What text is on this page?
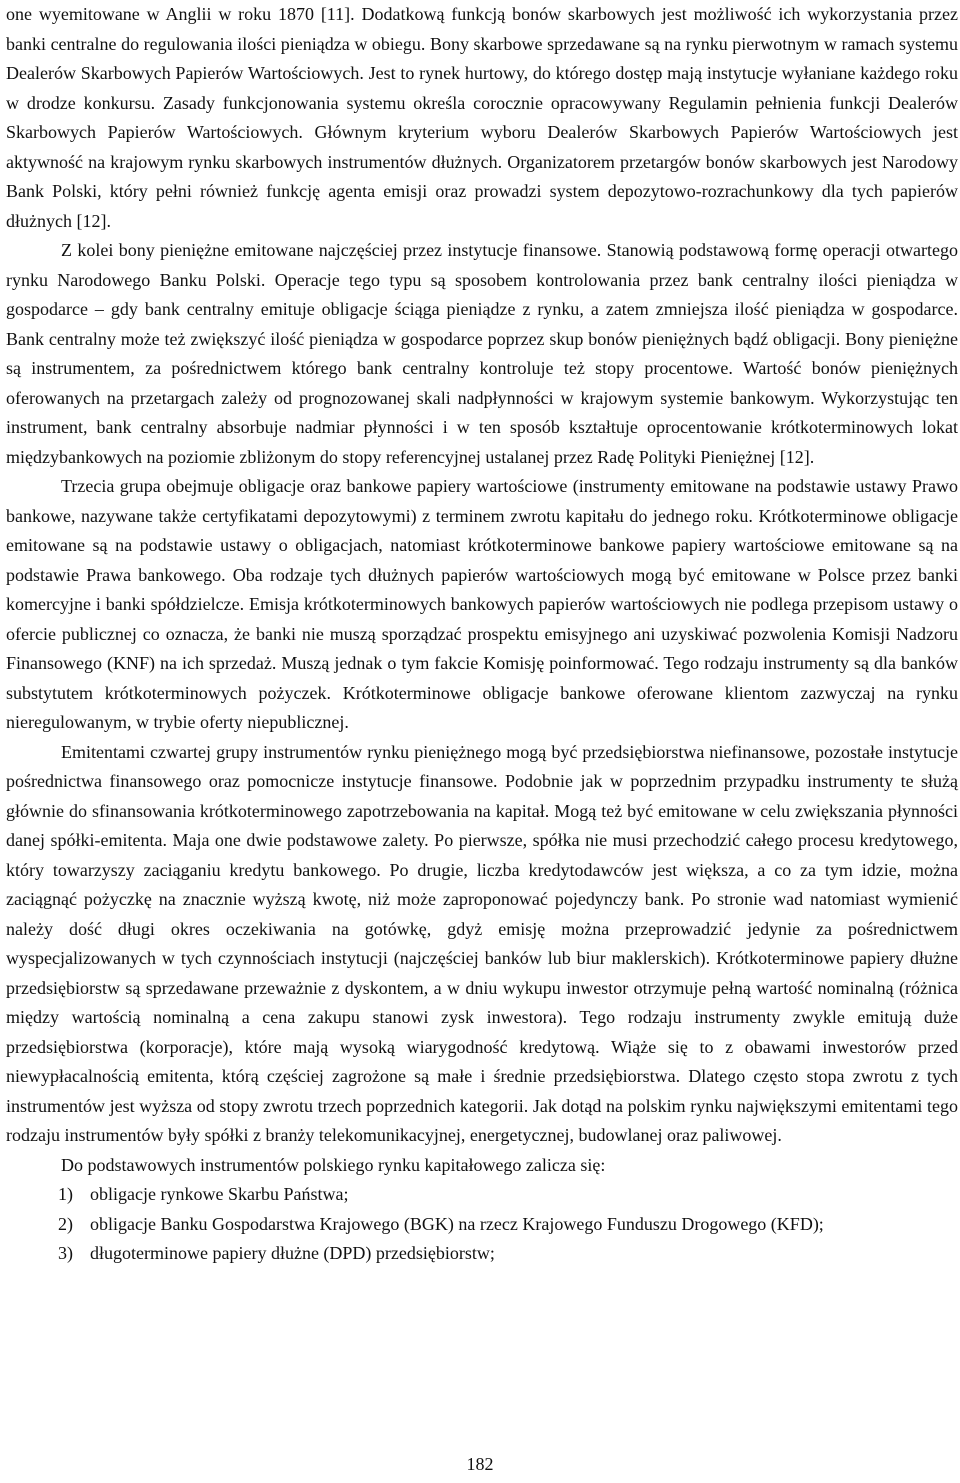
one wyemitowane w Anglii w roku 1870 [11]. Dodatkową funkcją bonów skarbowych jest możliwość ich wykorzystania przez banki centralne do regulowania ilości pieniądza w obiegu. Bony skarbowe sprzedawane są na rynku pierwotnym w ramach systemu Dealerów Skarbowych Papierów Wartościowych. Jest to rynek hurtowy, do którego dostęp mają instytucje wyłaniane każdego roku w drodze konkursu. Zasady funkcjonowania systemu określa corocznie opracowywany Regulamin pełnienia funkcji Dealerów Skarbowych Papierów Wartościowych. Głównym kryterium wyboru Dealerów Skarbowych Papierów Wartościowych jest aktywność na krajowym rynku skarbowych instrumentów dłużnych. Organizatorem przetargów bonów skarbowych jest Narodowy Bank Polski, który pełni również funkcję agenta emisji oraz prowadzi system depozytowo-rozrachunkowy dla tych papierów dłużnych [12].

Z kolei bony pieniężne emitowane najczęściej przez instytucje finansowe. Stanowią podstawową formę operacji otwartego rynku Narodowego Banku Polski. Operacje tego typu są sposobem kontrolowania przez bank centralny ilości pieniądza w gospodarce – gdy bank centralny emituje obligacje ściąga pieniądze z rynku, a zatem zmniejsza ilość pieniądza w gospodarce. Bank centralny może też zwiększyć ilość pieniądza w gospodarce poprzez skup bonów pieniężnych bądź obligacji. Bony pieniężne są instrumentem, za pośrednictwem którego bank centralny kontroluje też stopy procentowe. Wartość bonów pieniężnych oferowanych na przetargach zależy od prognozowanej skali nadpłynności w krajowym systemie bankowym. Wykorzystując ten instrument, bank centralny absorbuje nadmiar płynności i w ten sposób kształtuje oprocentowanie krótkoterminowych lokat międzybankowych na poziomie zbliżonym do stopy referencyjnej ustalanej przez Radę Polityki Pieniężnej [12].

Trzecia grupa obejmuje obligacje oraz bankowe papiery wartościowe (instrumenty emitowane na podstawie ustawy Prawo bankowe, nazywane także certyfikatami depozytowymi) z terminem zwrotu kapitału do jednego roku. Krótkoterminowe obligacje emitowane są na podstawie ustawy o obligacjach, natomiast krótkoterminowe bankowe papiery wartościowe emitowane są na podstawie Prawa bankowego. Oba rodzaje tych dłużnych papierów wartościowych mogą być emitowane w Polsce przez banki komercyjne i banki spółdzielcze. Emisja krótkoterminowych bankowych papierów wartościowych nie podlega przepisom ustawy o ofercie publicznej co oznacza, że banki nie muszą sporządzać prospektu emisyjnego ani uzyskiwać pozwolenia Komisji Nadzoru Finansowego (KNF) na ich sprzedaż. Muszą jednak o tym fakcie Komisję poinformować. Tego rodzaju instrumenty są dla banków substytutem krótkoterminowych pożyczek. Krótkoterminowe obligacje bankowe oferowane klientom zazwyczaj na rynku nieregulowanym, w trybie oferty niepublicznej.

Emitentami czwartej grupy instrumentów rynku pieniężnego mogą być przedsiębiorstwa niefinansowe, pozostałe instytucje pośrednictwa finansowego oraz pomocnicze instytucje finansowe. Podobnie jak w poprzednim przypadku instrumenty te służą głównie do sfinansowania krótkoterminowego zapotrzebowania na kapitał. Mogą też być emitowane w celu zwiększania płynności danej spółki-emitenta. Maja one dwie podstawowe zalety. Po pierwsze, spółka nie musi przechodzić całego procesu kredytowego, który towarzyszy zaciąganiu kredytu bankowego. Po drugie, liczba kredytodawców jest większa, a co za tym idzie, można zaciągnąć pożyczkę na znacznie wyższą kwotę, niż może zaproponować pojedynczy bank. Po stronie wad natomiast wymienić należy dość długi okres oczekiwania na gotówkę, gdyż emisję można przeprowadzić jedynie za pośrednictwem wyspecjalizowanych w tych czynnościach instytucji (najczęściej banków lub biur maklerskich). Krótkoterminowe papiery dłużne przedsiębiorstw są sprzedawane przeważnie z dyskontem, a w dniu wykupu inwestor otrzymuje pełną wartość nominalną (różnica między wartością nominalną a cena zakupu stanowi zysk inwestora). Tego rodzaju instrumenty zwykle emitują duże przedsiębiorstwa (korporacje), które mają wysoką wiarygodność kredytową. Wiąże się to z obawami inwestorów przed niewypłacalnością emitenta, którą częściej zagrożone są małe i średnie przedsiębiorstwa. Dlatego często stopa zwrotu z tych instrumentów jest wyższa od stopy zwrotu trzech poprzednich kategorii. Jak dotąd na polskim rynku największymi emitentami tego rodzaju instrumentów były spółki z branży telekomunikacyjnej, energetycznej, budowlanej oraz paliwowej.

Do podstawowych instrumentów polskiego rynku kapitałowego zalicza się:

1) obligacje rynkowe Skarbu Państwa;
2) obligacje Banku Gospodarstwa Krajowego (BGK) na rzecz Krajowego Funduszu Drogowego (KFD);
3) długoterminowe papiery dłużne (DPD) przedsiębiorstw;
182
